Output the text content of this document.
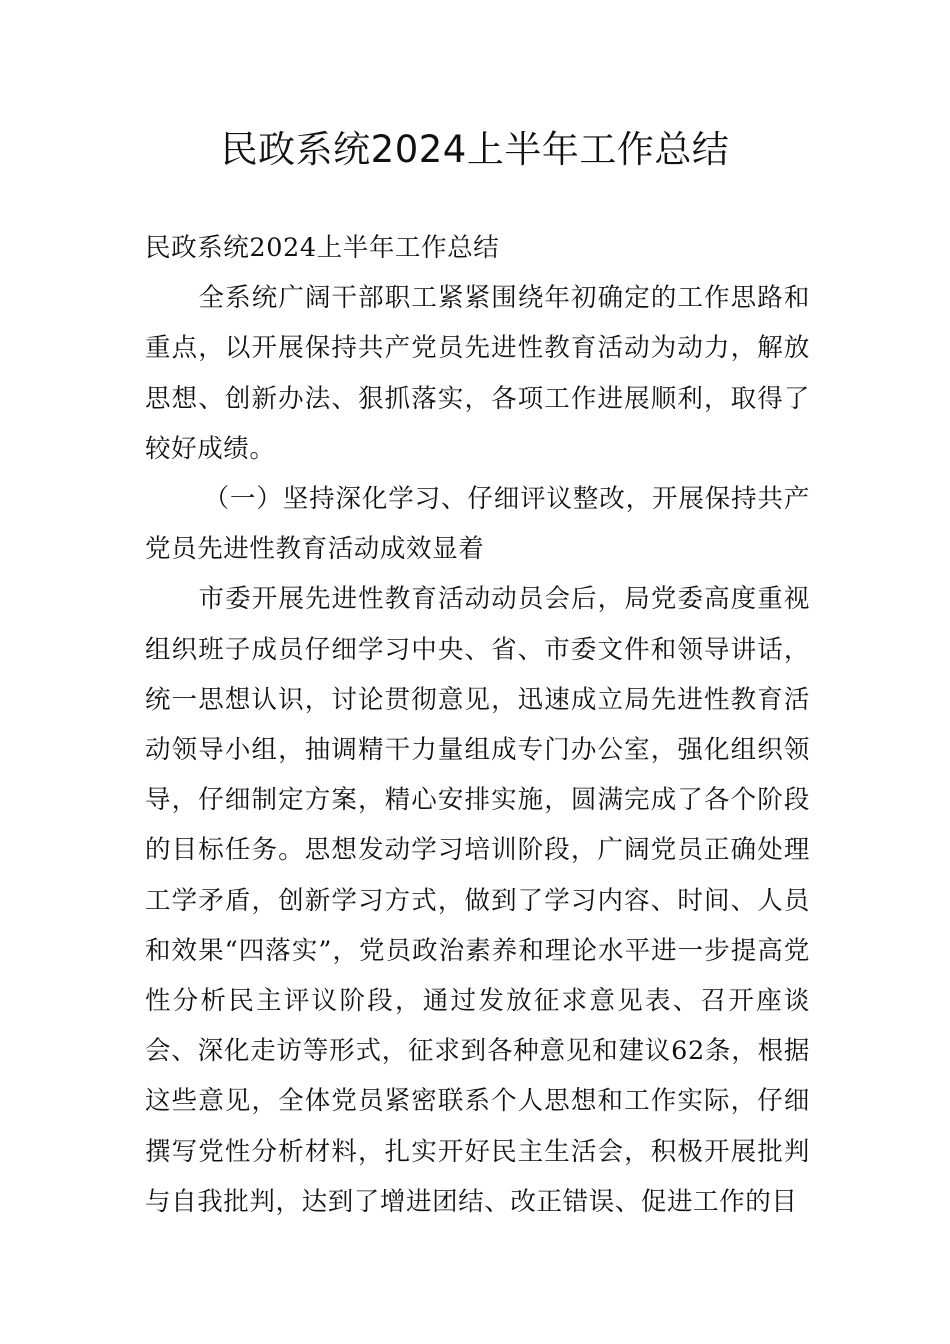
民政系统2024上半年工作总结

民政系统2024上半年工作总结

全系统广阔干部职工紧紧围绕年初确定的工作思路和重点，以开展保持共产党员先进性教育活动为动力，解放思想、创新办法、狠抓落实，各项工作进展顺利，取得了较好成绩。

（一）坚持深化学习、仔细评议整改，开展保持共产党员先进性教育活动成效显着

市委开展先进性教育活动动员会后，局党委高度重视组织班子成员仔细学习中央、省、市委文件和领导讲话，统一思想认识，讨论贯彻意见，迅速成立局先进性教育活动领导小组，抽调精干力量组成专门办公室，强化组织领导，仔细制定方案，精心安排实施，圆满完成了各个阶段的目标任务。思想发动学习培训阶段，广阔党员正确处理工学矛盾，创新学习方式，做到了学习内容、时间、人员和效果“四落实”，党员政治素养和理论水平进一步提高党性分析民主评议阶段，通过发放征求意见表、召开座谈会、深化走访等形式，征求到各种意见和建议62条，根据这些意见，全体党员紧密联系个人思想和工作实际，仔细撰写党性分析材料，扎实开好民主生活会，积极开展批判与自我批判，达到了增进团结、改正错误、促进工作的目
